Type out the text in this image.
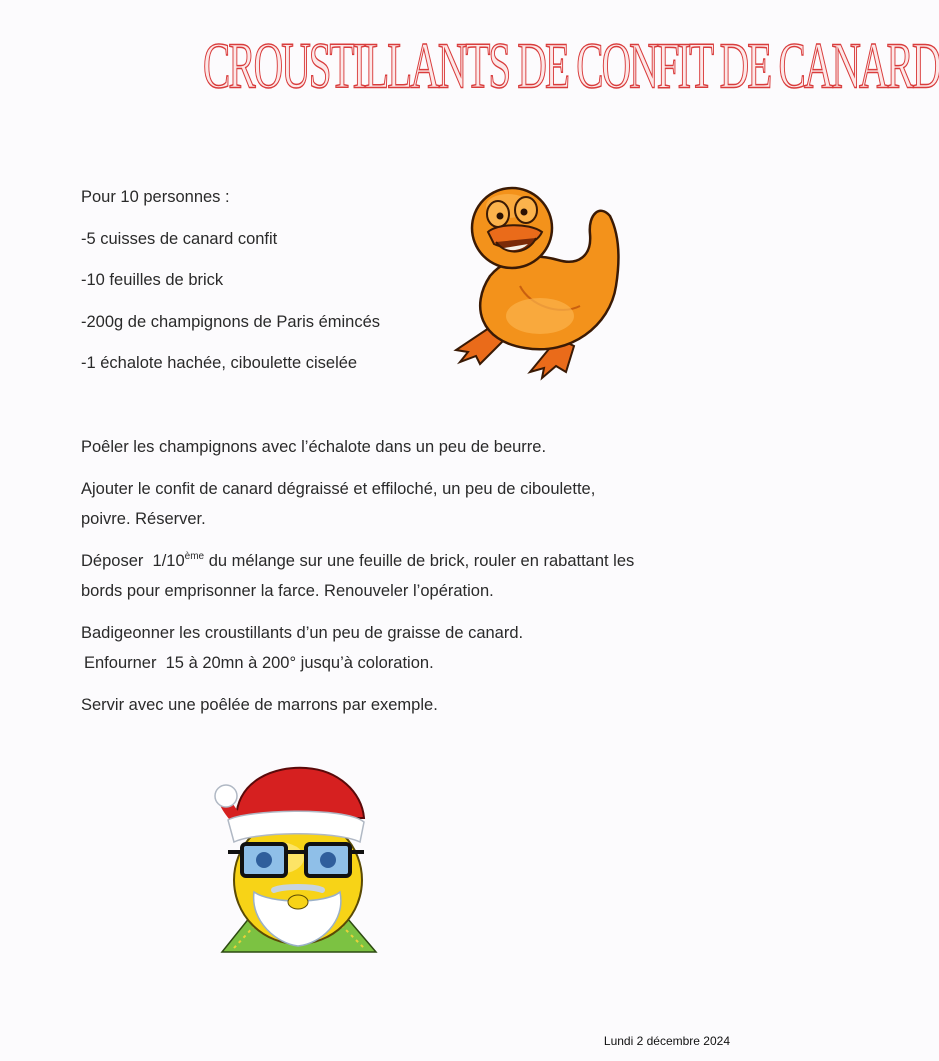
CROUSTILLANTS DE CONFIT DE CANARD

Pour 10 personnes :

-5 cuisses de canard confit

-10 feuilles de brick

-200g de champignons de Paris émincés

-1 échalote hachée, ciboulette ciselée

Poêler les champignons avec l’échalote dans un peu de beurre.

Ajouter le confit de canard dégraissé et effiloché, un peu de ciboulette, poivre. Réserver.

Déposer  1/10ème du mélange sur une feuille de brick, rouler en rabattant les bords pour emprisonner la farce. Renouveler l’opération.

Badigeonner les croustillants d’un peu de graisse de canard.
Enfourner  15 à 20mn à 200° jusqu’à coloration.

Servir avec une poêlée de marrons par exemple.

Lundi 2 décembre 2024
